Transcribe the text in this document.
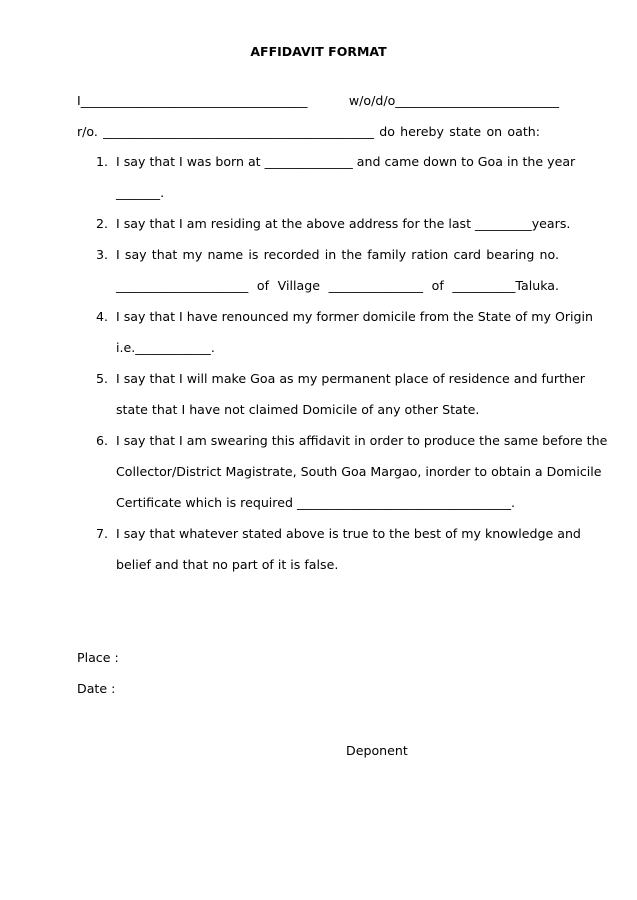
AFFIDAVIT FORMAT
I____________________________________ w/o/d/o__________________________
r/o. ___________________________________________ do hereby state on oath:
1. I say that I was born at ______________ and came down to Goa in the year
_______.
2. I say that I am residing at the above address for the last _________years.
3. I say that my name is recorded in the family ration card bearing no.
_____________________ of Village _______________ of __________Taluka.
4. I say that I have renounced my former domicile from the State of my Origin
i.e.____________.
5. I say that I will make Goa as my permanent place of residence and further
state that I have not claimed Domicile of any other State.
6. I say that I am swearing this affidavit in order to produce the same before the
Collector/District Magistrate, South Goa Margao, inorder to obtain a Domicile
Certificate which is required __________________________________.
7. I say that whatever stated above is true to the best of my knowledge and
belief and that no part of it is false.
Place :
Date :
Deponent
